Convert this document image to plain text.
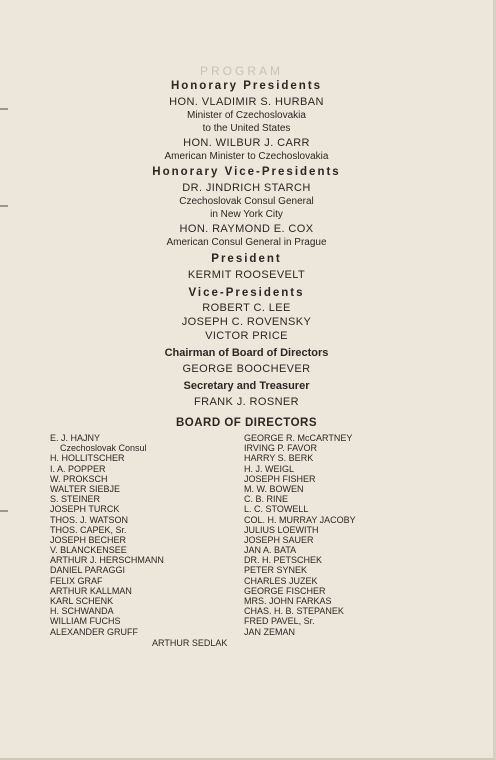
PROGRAM
Honorary Presidents
HON. VLADIMIR S. HURBAN
Minister of Czechoslovakia
to the United States
HON. WILBUR J. CARR
American Minister to Czechoslovakia
Honorary Vice-Presidents
DR. JINDRICH STARCH
Czechoslovak Consul General
in New York City
HON. RAYMOND E. COX
American Consul General in Prague
President
KERMIT ROOSEVELT
Vice-Presidents
ROBERT C. LEE
JOSEPH C. ROVENSKY
VICTOR PRICE
Chairman of Board of Directors
GEORGE BOOCHEVER
Secretary and Treasurer
FRANK J. ROSNER
BOARD OF DIRECTORS
E. J. HAJNY
Czechoslovak Consul
H. HOLLITSCHER
I. A. POPPER
W. PROKSCH
WALTER SIEBJE
S. STEINER
JOSEPH TURCK
THOS. J. WATSON
THOS. CAPEK, Sr.
JOSEPH BECHER
V. BLANCKENSEE
ARTHUR J. HERSCHMANN
DANIEL PARAGGI
FELIX GRAF
ARTHUR KALLMAN
KARL SCHENK
H. SCHWANDA
WILLIAM FUCHS
ALEXANDER GRUFF
GEORGE R. McCARTNEY
IRVING P. FAVOR
HARRY S. BERK
H. J. WEIGL
JOSEPH FISHER
M. W. BOWEN
C. B. RINE
L. C. STOWELL
COL. H. MURRAY JACOBY
JULIUS LOEWITH
JOSEPH SAUER
JAN A. BATA
DR. H. PETSCHEK
PETER SYNEK
CHARLES JUZEK
GEORGE FISCHER
MRS. JOHN FARKAS
CHAS. H. B. STEPANEK
FRED PAVEL, Sr.
JAN ZEMAN
ARTHUR SEDLAK
